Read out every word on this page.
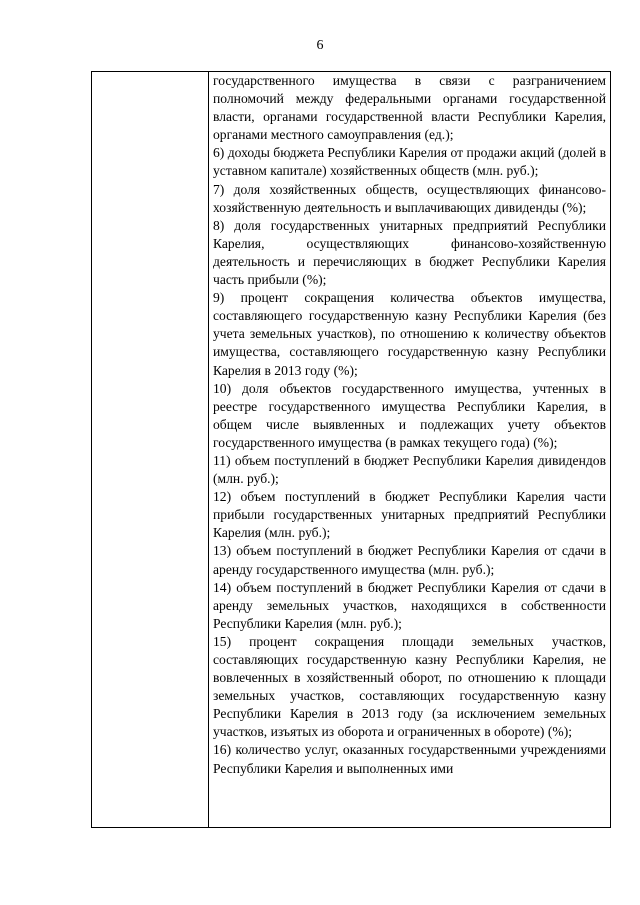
6

государственного имущества в связи с разграничением полномочий между федеральными органами государственной власти, органами государственной власти Республики Карелия, органами местного самоуправления (ед.);

6) доходы бюджета Республики Карелия от продажи акций (долей в уставном капитале) хозяйственных обществ (млн. руб.);

7) доля хозяйственных обществ, осуществляющих финансово-хозяйственную деятельность и выплачивающих дивиденды (%);

8) доля государственных унитарных предприятий Республики Карелия, осуществляющих финансово-хозяйственную деятельность и перечисляющих в бюджет Республики Карелия часть прибыли (%);

9) процент сокращения количества объектов имущества, составляющего государственную казну Республики Карелия (без учета земельных участков), по отношению к количеству объектов имущества, составляющего государственную казну Республики Карелия в 2013 году (%);

10) доля объектов государственного имущества, учтенных в реестре государственного имущества Республики Карелия, в общем числе выявленных и подлежащих учету объектов государственного имущества (в рамках текущего года) (%);

11) объем поступлений в бюджет Республики Карелия дивидендов (млн. руб.);

12) объем поступлений в бюджет Республики Карелия части прибыли государственных унитарных предприятий Республики Карелия (млн. руб.);

13) объем поступлений в бюджет Республики Карелия от сдачи в аренду государственного имущества (млн. руб.);

14) объем поступлений в бюджет Республики Карелия от сдачи в аренду земельных участков, находящихся в собственности Республики Карелия (млн. руб.);

15) процент сокращения площади земельных участков, составляющих государственную казну Республики Карелия, не вовлеченных в хозяйственный оборот, по отношению к площади земельных участков, составляющих государственную казну Республики Карелия в 2013 году (за исключением земельных участков, изъятых из оборота и ограниченных в обороте) (%);

16) количество услуг, оказанных государственными учреждениями Республики Карелия и выполненных ими
